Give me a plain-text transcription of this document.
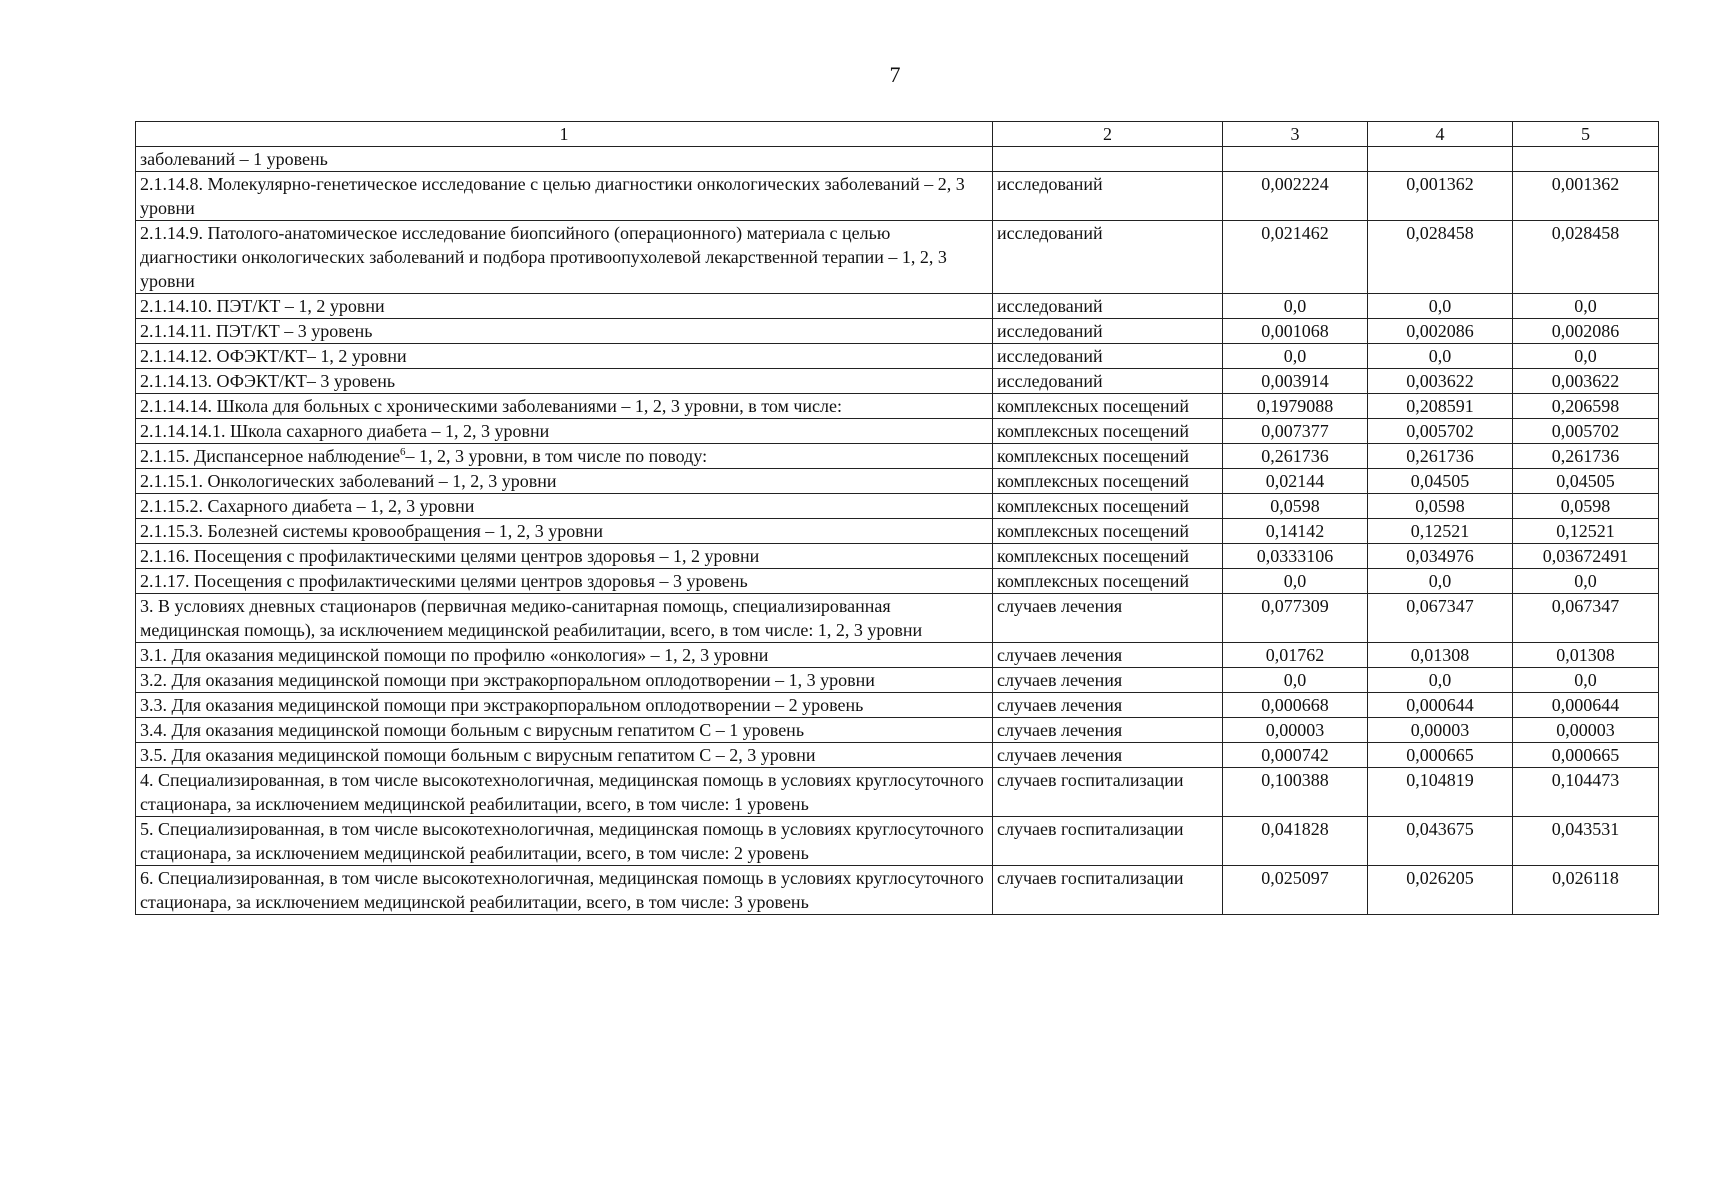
7
1	2	3	4	5
заболеваний – 1 уровень				
2.1.14.8. Молекулярно-генетическое исследование с целью диагностики онкологических заболеваний – 2, 3 уровни	исследований	0,002224	0,001362	0,001362
2.1.14.9. Патолого-анатомическое исследование биопсийного (операционного) материала с целью диагностики онкологических заболеваний и подбора противоопухолевой лекарственной терапии – 1, 2, 3 уровни	исследований	0,021462	0,028458	0,028458
2.1.14.10. ПЭТ/КТ – 1, 2 уровни	исследований	0,0	0,0	0,0
2.1.14.11. ПЭТ/КТ – 3 уровень	исследований	0,001068	0,002086	0,002086
2.1.14.12. ОФЭКТ/КТ– 1, 2 уровни	исследований	0,0	0,0	0,0
2.1.14.13. ОФЭКТ/КТ– 3 уровень	исследований	0,003914	0,003622	0,003622
2.1.14.14. Школа для больных с хроническими заболеваниями – 1, 2, 3 уровни, в том числе:	комплексных посещений	0,1979088	0,208591	0,206598
2.1.14.14.1. Школа сахарного диабета – 1, 2, 3 уровни	комплексных посещений	0,007377	0,005702	0,005702
2.1.15. Диспансерное наблюдение$^6$– 1, 2, 3 уровни, в том числе по поводу:	комплексных посещений	0,261736	0,261736	0,261736
2.1.15.1. Онкологических заболеваний – 1, 2, 3 уровни	комплексных посещений	0,02144	0,04505	0,04505
2.1.15.2. Сахарного диабета – 1, 2, 3 уровни	комплексных посещений	0,0598	0,0598	0,0598
2.1.15.3. Болезней системы кровообращения – 1, 2, 3 уровни	комплексных посещений	0,14142	0,12521	0,12521
2.1.16. Посещения с профилактическими целями центров здоровья – 1, 2 уровни	комплексных посещений	0,0333106	0,034976	0,03672491
2.1.17. Посещения с профилактическими целями центров здоровья – 3 уровень	комплексных посещений	0,0	0,0	0,0
3. В условиях дневных стационаров (первичная медико-санитарная помощь, специализированная медицинская помощь), за исключением медицинской реабилитации, всего, в том числе: 1, 2, 3 уровни	случаев лечения	0,077309	0,067347	0,067347
3.1. Для оказания медицинской помощи по профилю «онкология» – 1, 2, 3 уровни	случаев лечения	0,01762	0,01308	0,01308
3.2. Для оказания медицинской помощи при экстракорпоральном оплодотворении – 1, 3 уровни	случаев лечения	0,0	0,0	0,0
3.3. Для оказания медицинской помощи при экстракорпоральном оплодотворении – 2 уровень	случаев лечения	0,000668	0,000644	0,000644
3.4. Для оказания медицинской помощи больным с вирусным гепатитом С – 1 уровень	случаев лечения	0,00003	0,00003	0,00003
3.5. Для оказания медицинской помощи больным с вирусным гепатитом С – 2, 3 уровни	случаев лечения	0,000742	0,000665	0,000665
4. Специализированная, в том числе высокотехнологичная, медицинская помощь в условиях круглосуточного стационара, за исключением медицинской реабилитации, всего, в том числе: 1 уровень	случаев госпитализации	0,100388	0,104819	0,104473
5. Специализированная, в том числе высокотехнологичная, медицинская помощь в условиях круглосуточного стационара, за исключением медицинской реабилитации, всего, в том числе: 2 уровень	случаев госпитализации	0,041828	0,043675	0,043531
6. Специализированная, в том числе высокотехнологичная, медицинская помощь в условиях круглосуточного стационара, за исключением медицинской реабилитации, всего, в том числе: 3 уровень	случаев госпитализации	0,025097	0,026205	0,026118
